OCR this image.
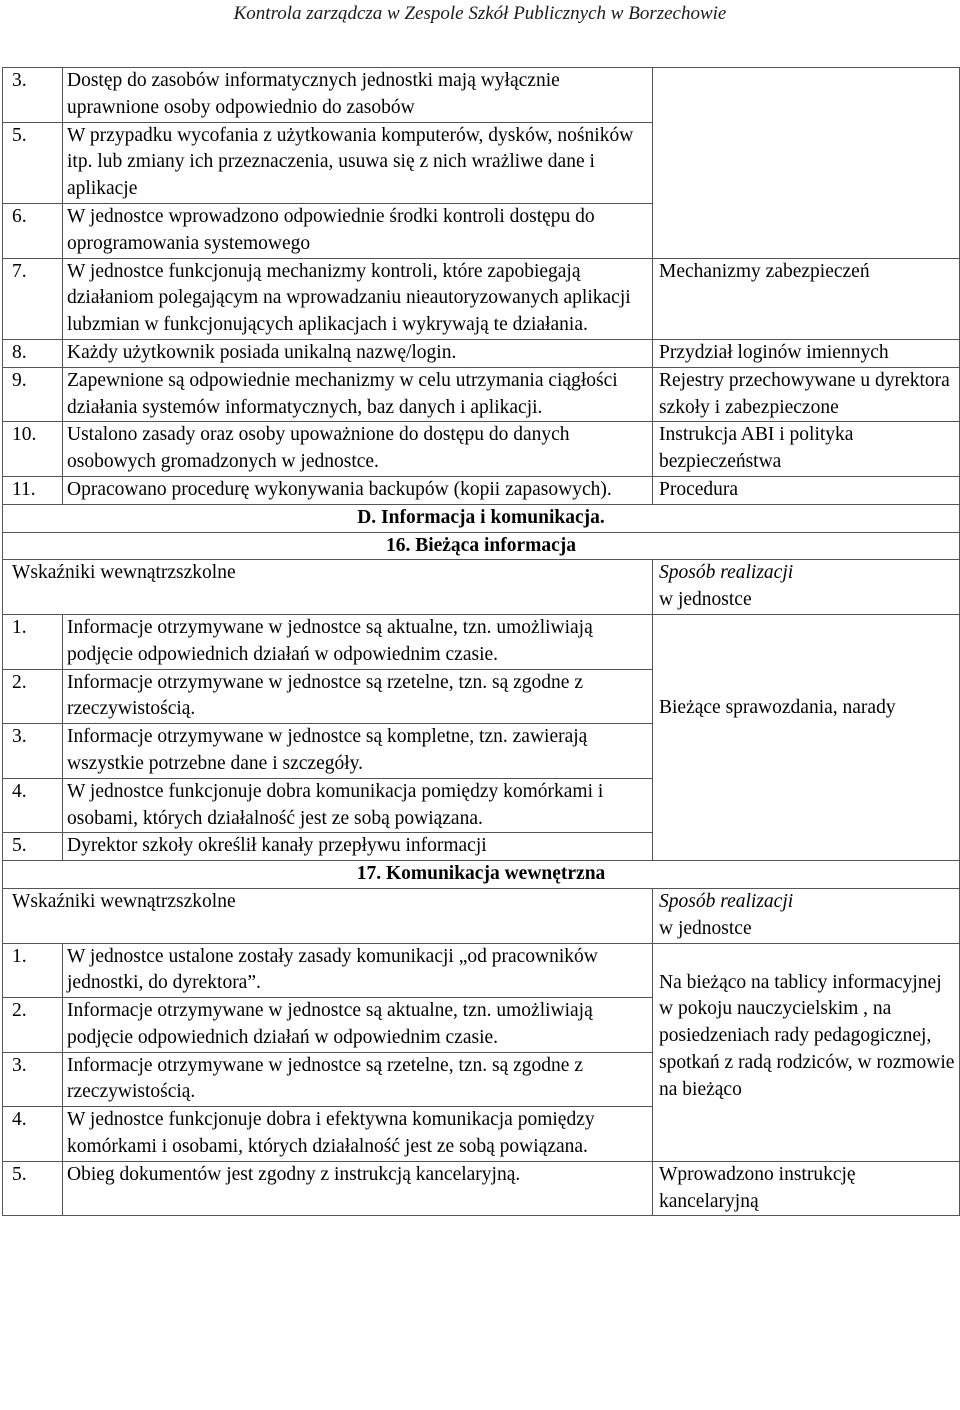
Kontrola zarządcza w Zespole Szkół Publicznych w Borzechowie
3.	Dostęp do zasobów informatycznych jednostki mają wyłącznie uprawnione osoby odpowiednio do zasobów	
5.	W przypadku wycofania z użytkowania komputerów, dysków, nośników itp. lub zmiany ich przeznaczenia, usuwa się z nich wrażliwe dane i aplikacje	
6.	W jednostce wprowadzono odpowiednie środki kontroli dostępu do oprogramowania systemowego	
7.	W jednostce funkcjonują mechanizmy kontroli, które zapobiegają działaniom polegającym na wprowadzaniu nieautoryzowanych aplikacji lubzmian w funkcjonujących aplikacjach i wykrywają te działania.	Mechanizmy zabezpieczeń
8.	Każdy użytkownik posiada unikalną nazwę/login.	Przydział loginów imiennych
9.	Zapewnione są odpowiednie mechanizmy w celu utrzymania ciągłości działania systemów informatycznych, baz danych i aplikacji.	Rejestry przechowywane u dyrektora szkoły i zabezpieczone
10.	Ustalono zasady oraz osoby upoważnione do dostępu do danych osobowych gromadzonych w jednostce.	Instrukcja ABI i polityka bezpieczeństwa
11.	Opracowano procedurę wykonywania backupów (kopii zapasowych).	Procedura
D. Informacja i komunikacja.		
16. Bieżąca informacja		
Wskaźniki wewnątrzszkolne		Sposób realizacji
w jednostce

1.	Informacje otrzymywane w jednostce są aktualne, tzn. umożliwiają podjęcie odpowiednich działań w odpowiednim czasie.	Bieżące sprawozdania, narady

2.	Informacje otrzymywane w jednostce są rzetelne, tzn. są zgodne z rzeczywistością.	
3.	Informacje otrzymywane w jednostce są kompletne, tzn. zawierają wszystkie potrzebne dane i szczegóły.	
4.	W jednostce funkcjonuje dobra komunikacja pomiędzy komórkami i osobami, których działalność jest ze sobą powiązana.	
5.	Dyrektor szkoły określił kanały przepływu informacji	
17. Komunikacja wewnętrzna		
Wskaźniki wewnątrzszkolne		Sposób realizacji
w jednostce

1.	W jednostce ustalone zostały zasady komunikacji „od pracowników jednostki, do dyrektora”.	Na bieżąco na tablicy informacyjnej w pokoju nauczycielskim , na posiedzeniach rady pedagogicznej, spotkań z radą rodziców, w rozmowie na bieżąco

2.	Informacje otrzymywane w jednostce są aktualne, tzn. umożliwiają podjęcie odpowiednich działań w odpowiednim czasie.	
3.	Informacje otrzymywane w jednostce są rzetelne, tzn. są zgodne z rzeczywistością.	
4.	W jednostce funkcjonuje dobra i efektywna komunikacja pomiędzy komórkami i osobami, których działalność jest ze sobą powiązana.	
5.	Obieg dokumentów jest zgodny z instrukcją kancelaryjną.	Wprowadzono instrukcję kancelaryjną
